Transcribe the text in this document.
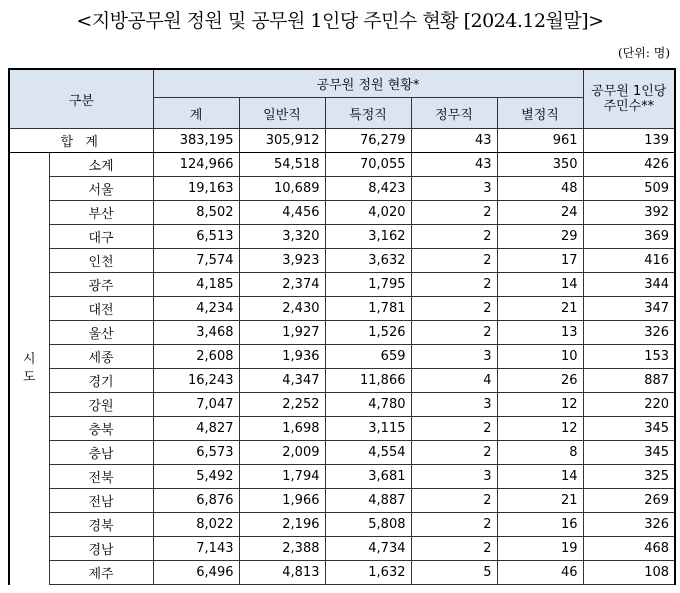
<지방공무원 정원 및 공무원 1인당 주민수 현황 [2024.12월말]>
(단위: 명)
구분		공무원 정원 현황*					공무원 1인당 주민수**
		계	일반직	특정직	정무직	별정직	
합 계		383,195	305,912	76,279	43	961	139
시도	소계	124,966	54,518	70,055	43	350	426
	서울	19,163	10,689	8,423	3	48	509
	부산	8,502	4,456	4,020	2	24	392
	대구	6,513	3,320	3,162	2	29	369
	인천	7,574	3,923	3,632	2	17	416
	광주	4,185	2,374	1,795	2	14	344
	대전	4,234	2,430	1,781	2	21	347
	울산	3,468	1,927	1,526	2	13	326
	세종	2,608	1,936	659	3	10	153
	경기	16,243	4,347	11,866	4	26	887
	강원	7,047	2,252	4,780	3	12	220
	충북	4,827	1,698	3,115	2	12	345
	충남	6,573	2,009	4,554	2	8	345
	전북	5,492	1,794	3,681	3	14	325
	전남	6,876	1,966	4,887	2	21	269
	경북	8,022	2,196	5,808	2	16	326
	경남	7,143	2,388	4,734	2	19	468
	제주	6,496	4,813	1,632	5	46	108
